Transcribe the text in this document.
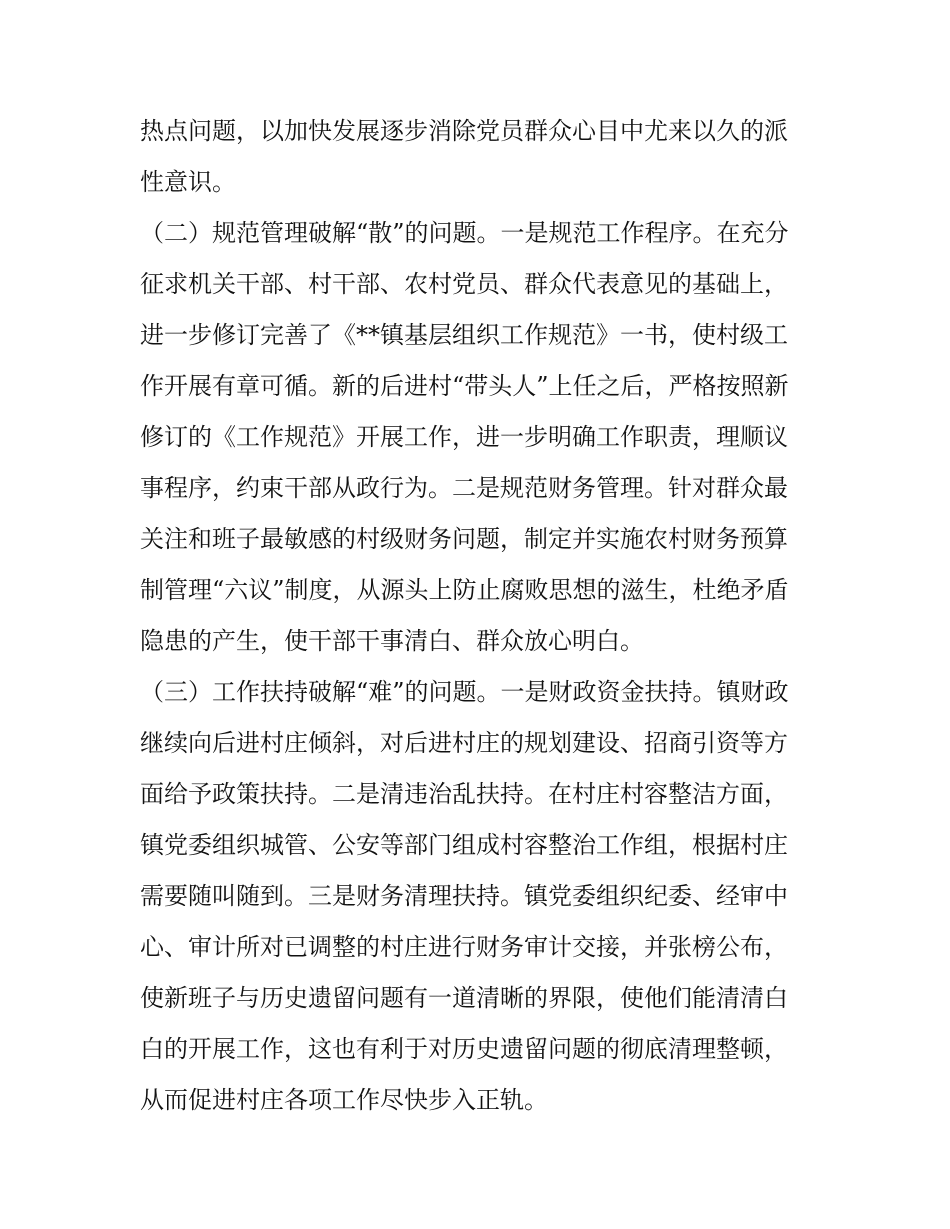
热点问题，以加快发展逐步消除党员群众心目中尤来以久的派
性意识。
（二）规范管理破解“散”的问题。一是规范工作程序。在充分
征求机关干部、村干部、农村党员、群众代表意见的基础上，
进一步修订完善了《**镇基层组织工作规范》一书，使村级工
作开展有章可循。新的后进村“带头人”上任之后，严格按照新
修订的《工作规范》开展工作，进一步明确工作职责，理顺议
事程序，约束干部从政行为。二是规范财务管理。针对群众最
关注和班子最敏感的村级财务问题，制定并实施农村财务预算
制管理“六议”制度，从源头上防止腐败思想的滋生，杜绝矛盾
隐患的产生，使干部干事清白、群众放心明白。
（三）工作扶持破解“难”的问题。一是财政资金扶持。镇财政
继续向后进村庄倾斜，对后进村庄的规划建设、招商引资等方
面给予政策扶持。二是清违治乱扶持。在村庄村容整洁方面，
镇党委组织城管、公安等部门组成村容整治工作组，根据村庄
需要随叫随到。三是财务清理扶持。镇党委组织纪委、经审中
心、审计所对已调整的村庄进行财务审计交接，并张榜公布，
使新班子与历史遗留问题有一道清晰的界限，使他们能清清白
白的开展工作，这也有利于对历史遗留问题的彻底清理整顿，
从而促进村庄各项工作尽快步入正轨。
